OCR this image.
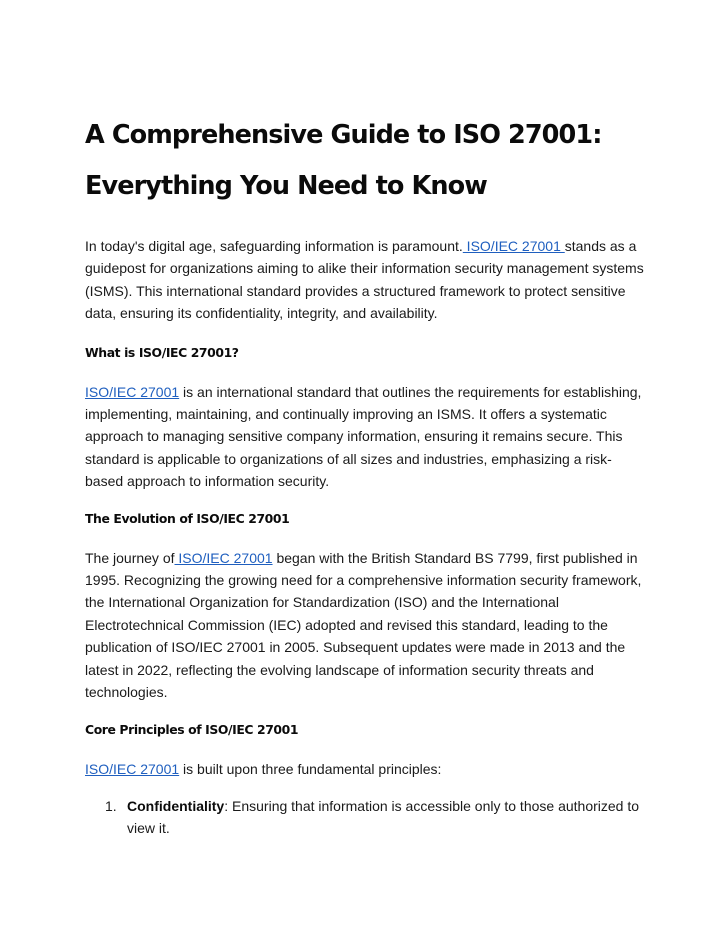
A Comprehensive Guide to ISO 27001:
Everything You Need to Know

In today's digital age, safeguarding information is paramount. ISO/IEC 27001 stands as a guidepost for organizations aiming to alike their information security management systems (ISMS). This international standard provides a structured framework to protect sensitive data, ensuring its confidentiality, integrity, and availability.

What is ISO/IEC 27001?

ISO/IEC 27001 is an international standard that outlines the requirements for establishing, implementing, maintaining, and continually improving an ISMS. It offers a systematic approach to managing sensitive company information, ensuring it remains secure. This standard is applicable to organizations of all sizes and industries, emphasizing a risk-based approach to information security.

The Evolution of ISO/IEC 27001

The journey of ISO/IEC 27001 began with the British Standard BS 7799, first published in 1995. Recognizing the growing need for a comprehensive information security framework, the International Organization for Standardization (ISO) and the International Electrotechnical Commission (IEC) adopted and revised this standard, leading to the publication of ISO/IEC 27001 in 2005. Subsequent updates were made in 2013 and the latest in 2022, reflecting the evolving landscape of information security threats and technologies.

Core Principles of ISO/IEC 27001

ISO/IEC 27001 is built upon three fundamental principles:

1. Confidentiality: Ensuring that information is accessible only to those authorized to view it.
